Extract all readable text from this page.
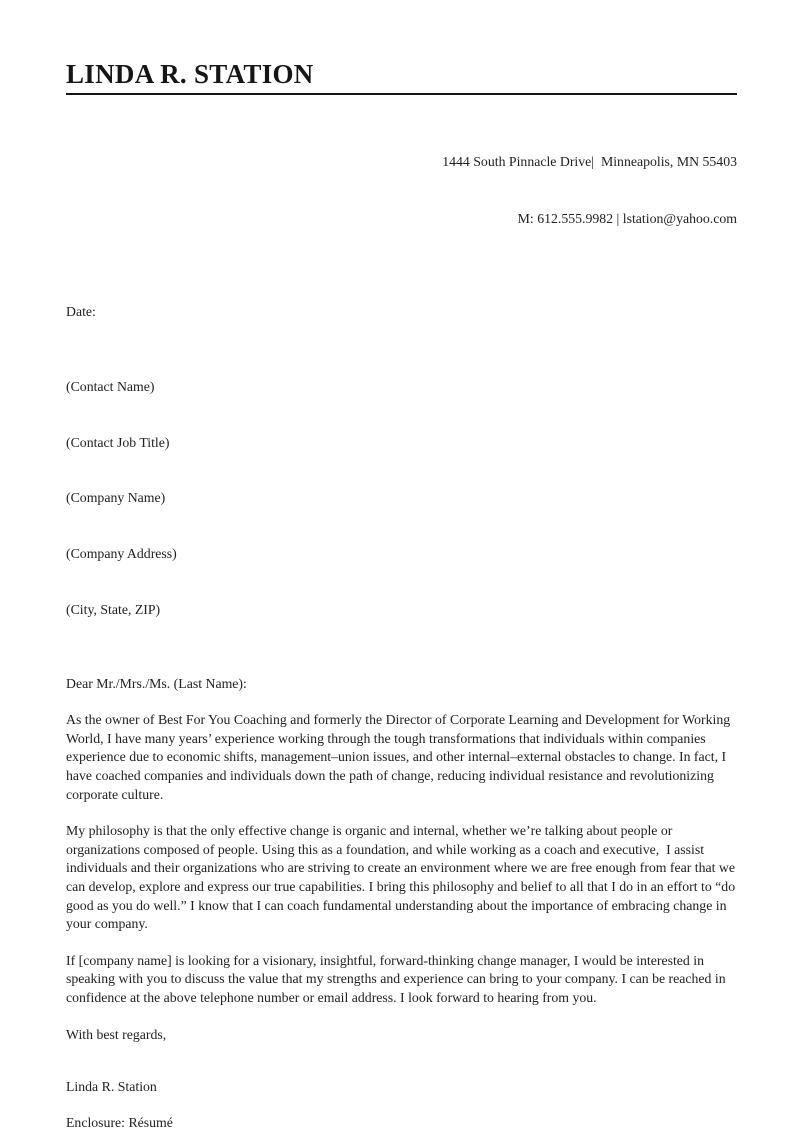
LINDA R. STATION

1444 South Pinnacle Drive|  Minneapolis, MN 55403

M: 612.555.9982 | lstation@yahoo.com

Date:

(Contact Name)

(Contact Job Title)

(Company Name)

(Company Address)

(City, State, ZIP)

Dear Mr./Mrs./Ms. (Last Name):

As the owner of Best For You Coaching and formerly the Director of Corporate Learning and Development for Working World, I have many years’ experience working through the tough transformations that individuals within companies experience due to economic shifts, management–union issues, and other internal–external obstacles to change. In fact, I have coached companies and individuals down the path of change, reducing individual resistance and revolutionizing corporate culture.

My philosophy is that the only effective change is organic and internal, whether we’re talking about people or organizations composed of people. Using this as a foundation, and while working as a coach and executive,  I assist individuals and their organizations who are striving to create an environment where we are free enough from fear that we can develop, explore and express our true capabilities. I bring this philosophy and belief to all that I do in an effort to “do good as you do well.” I know that I can coach fundamental understanding about the importance of embracing change in your company.

If [company name] is looking for a visionary, insightful, forward-thinking change manager, I would be interested in speaking with you to discuss the value that my strengths and experience can bring to your company. I can be reached in confidence at the above telephone number or email address. I look forward to hearing from you.

With best regards,
Linda R. Station
Enclosure: Résumé
